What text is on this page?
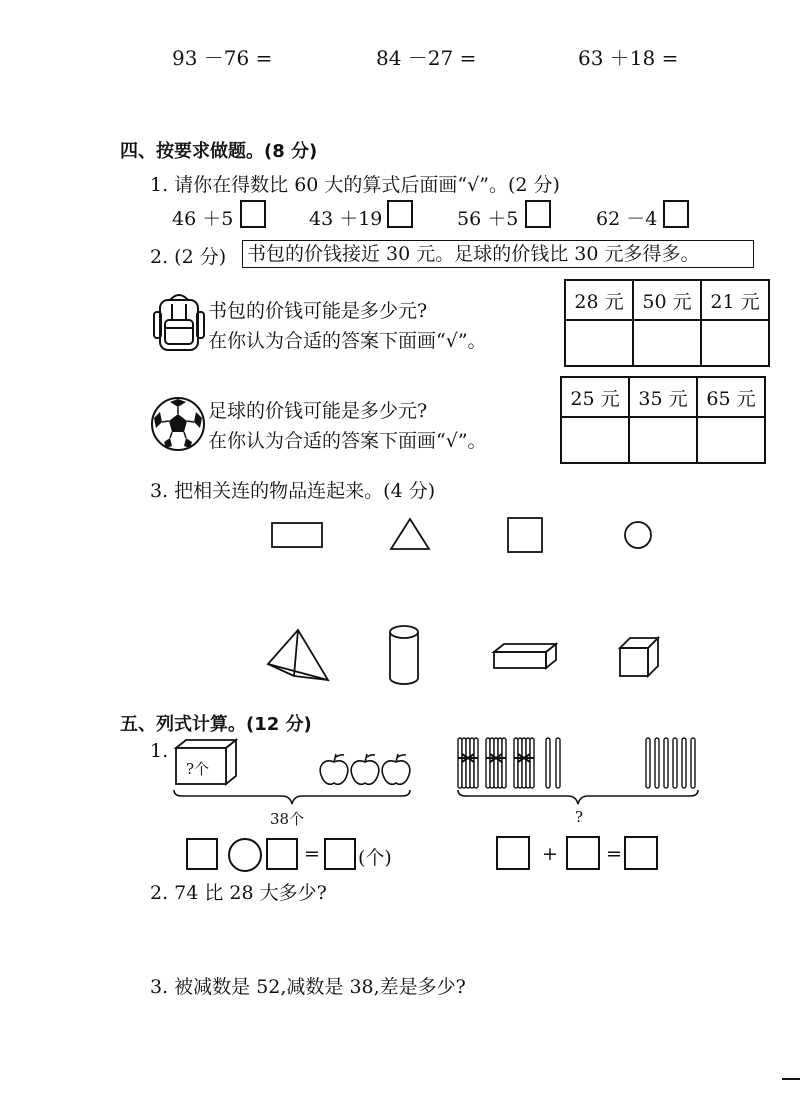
93 －76 =	84 －27 =	63 ＋18 =
四、按要求做题。(8 分)
1. 请你在得数比 60 大的算式后面画“√”。(2 分)
46 ＋5	43 ＋19	56 ＋5	62 －4
2. (2 分) 书包的价钱接近 30 元。足球的价钱比 30 元多得多。
书包的价钱可能是多少元?
在你认为合适的答案下面画“√”。
28 元	50 元	21 元

足球的价钱可能是多少元?
在你认为合适的答案下面画“√”。
25 元	35 元	65 元

3. 把相关连的物品连起来。(4 分)
五、列式计算。(12 分)
1.
?个
38个	?
= (个)	+	=
2. 74 比 28 大多少?
3. 被减数是 52,减数是 38,差是多少?
